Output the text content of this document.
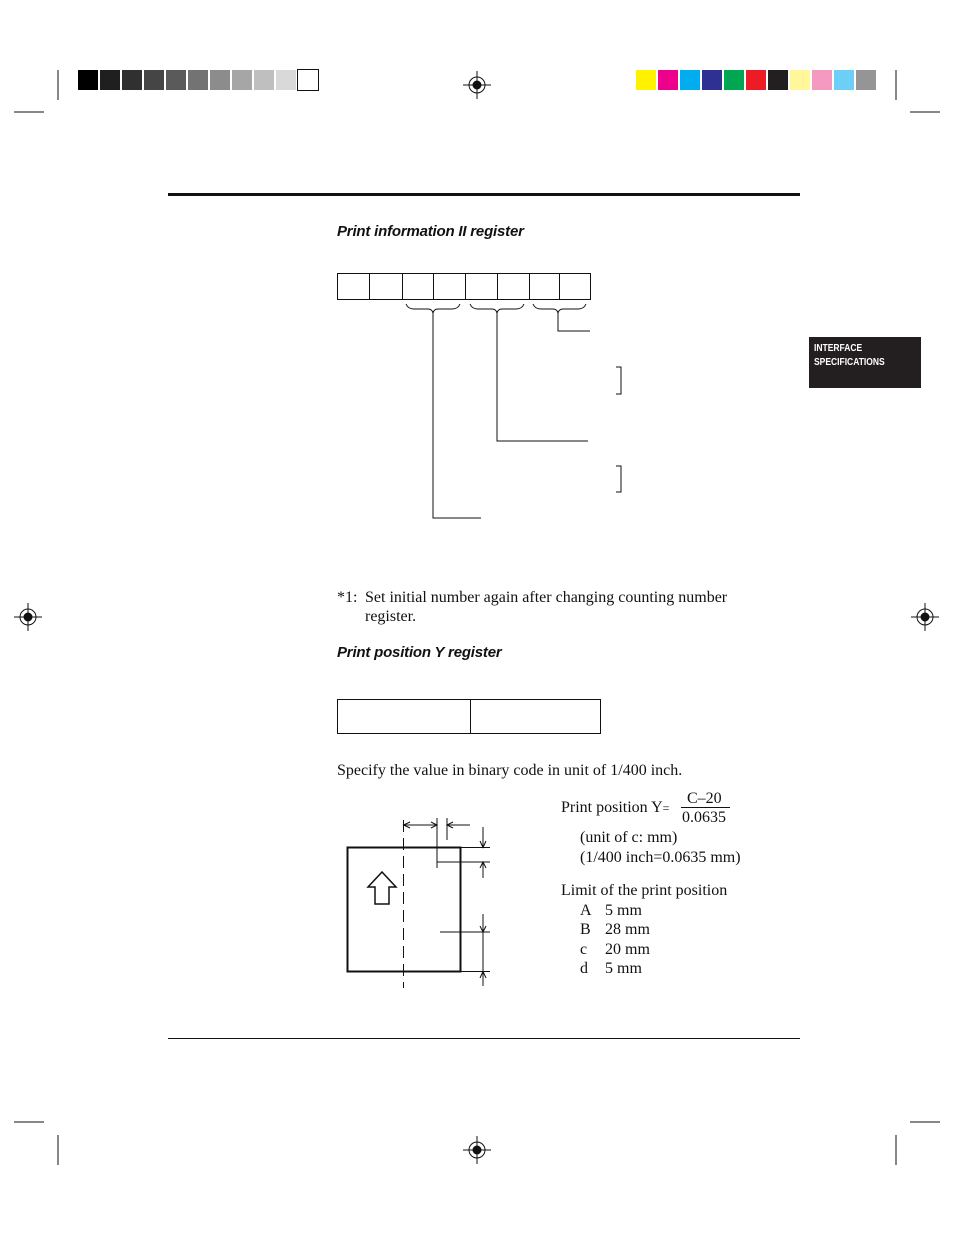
INTERFACE
SPECIFICATIONS
Print information II register
*1: Set initial number again after changing counting number
register.
Print position Y register
Specify the value in binary code in unit of 1/400 inch.
Print position Y=
C–20
0.0635
(unit of c: mm)
(1/400 inch=0.0635 mm)
Limit of the print position
A 5 mm
B 28 mm
c 20 mm
d 5 mm
